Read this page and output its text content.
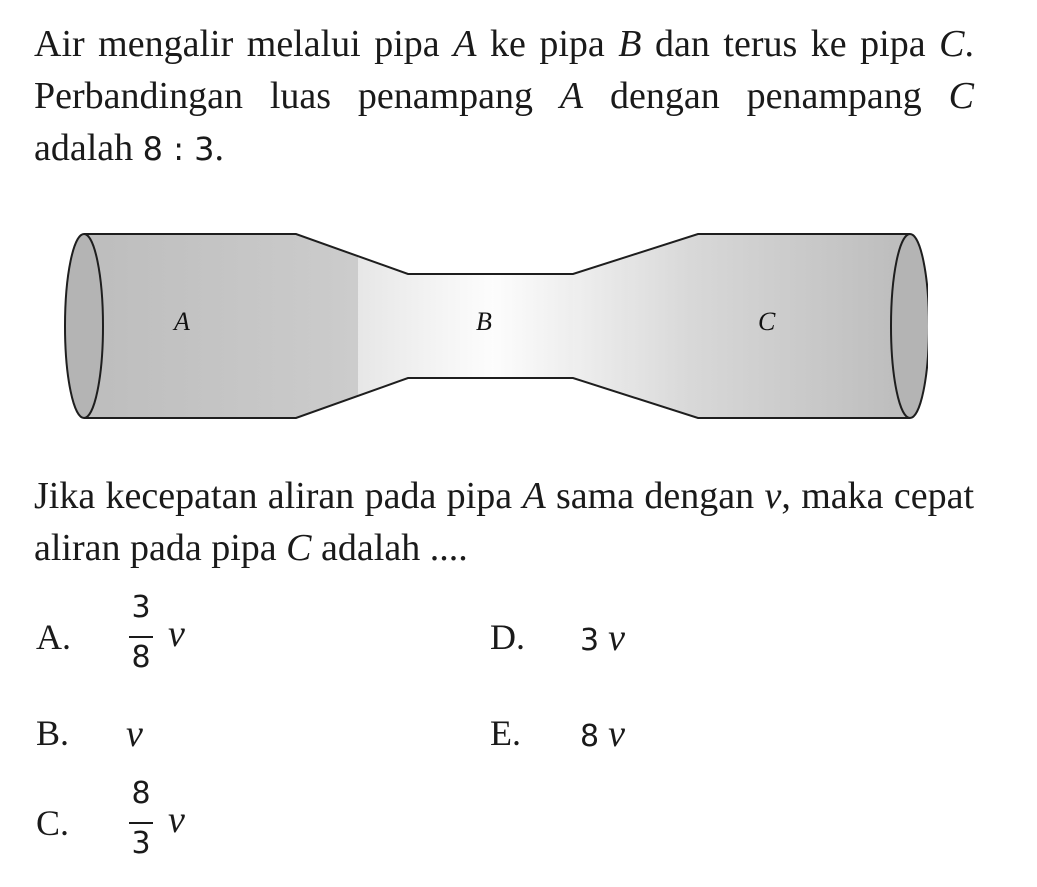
Air mengalir melalui pipa A ke pipa B dan terus ke pipa C. Perbandingan luas penampang A dengan penampang C adalah 8 : 3.

A	B	C

Jika kecepatan aliran pada pipa A sama dengan v, maka cepat aliran pada pipa C adalah ....

A.
3
8
v	D. 3 v
B. v	E. 8 v
C.
8
3
v
